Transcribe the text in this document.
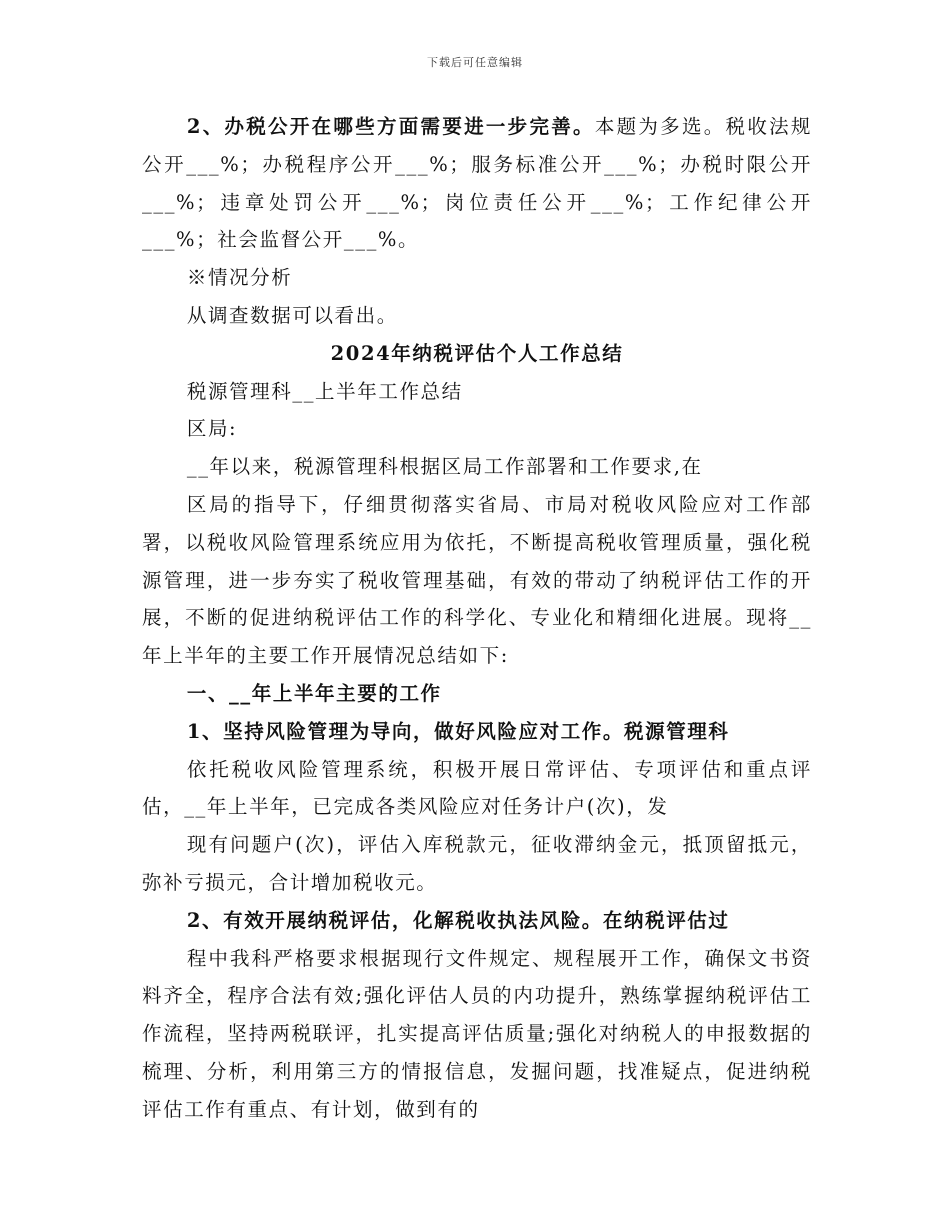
下载后可任意编辑

2、办税公开在哪些方面需要进一步完善。本题为多选。税收法规公开___%；办税程序公开___%；服务标准公开___%；办税时限公开___%；违章处罚公开___%；岗位责任公开___%；工作纪律公开___%；社会监督公开___%。

※情况分析

从调查数据可以看出。

2024年纳税评估个人工作总结

税源管理科__上半年工作总结

区局:

__年以来，税源管理科根据区局工作部署和工作要求,在

区局的指导下，仔细贯彻落实省局、市局对税收风险应对工作部署，以税收风险管理系统应用为依托，不断提高税收管理质量，强化税源管理，进一步夯实了税收管理基础，有效的带动了纳税评估工作的开展，不断的促进纳税评估工作的科学化、专业化和精细化进展。现将__年上半年的主要工作开展情况总结如下:

一、__年上半年主要的工作

1、坚持风险管理为导向，做好风险应对工作。税源管理科

依托税收风险管理系统，积极开展日常评估、专项评估和重点评估，__年上半年，已完成各类风险应对任务计户(次)，发

现有问题户(次)，评估入库税款元，征收滞纳金元，抵顶留抵元，弥补亏损元，合计增加税收元。

2、有效开展纳税评估，化解税收执法风险。在纳税评估过

程中我科严格要求根据现行文件规定、规程展开工作，确保文书资料齐全，程序合法有效;强化评估人员的内功提升，熟练掌握纳税评估工作流程，坚持两税联评，扎实提高评估质量;强化对纳税人的申报数据的梳理、分析，利用第三方的情报信息，发掘问题，找准疑点，促进纳税评估工作有重点、有计划，做到有的
